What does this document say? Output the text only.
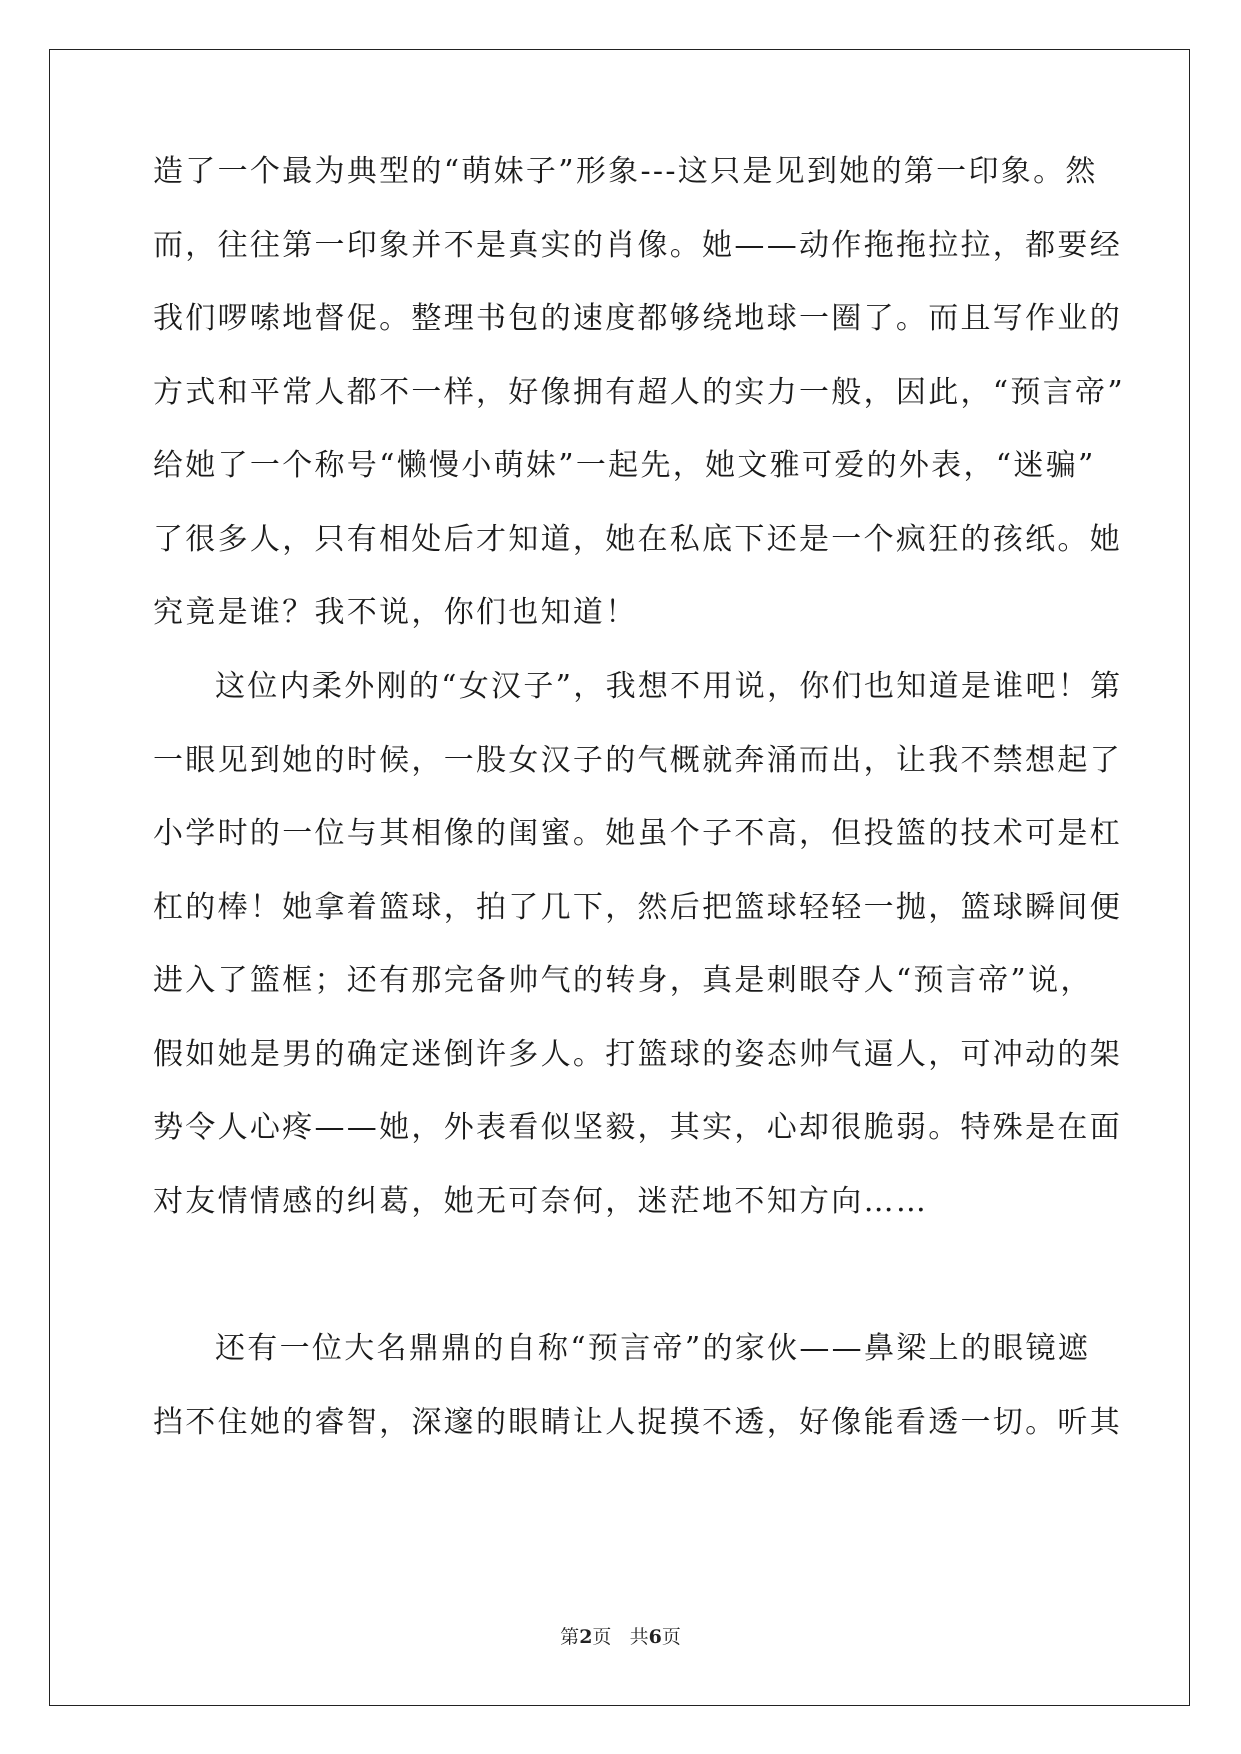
造了一个最为典型的“萌妹子”形象---这只是见到她的第一印象。然
而，往往第一印象并不是真实的肖像。她——动作拖拖拉拉，都要经
我们啰嗦地督促。整理书包的速度都够绕地球一圈了。而且写作业的
方式和平常人都不一样，好像拥有超人的实力一般，因此，“预言帝”
给她了一个称号“懒慢小萌妹”一起先，她文雅可爱的外表，“迷骗”
了很多人，只有相处后才知道，她在私底下还是一个疯狂的孩纸。她
究竟是谁？我不说，你们也知道！
这位内柔外刚的“女汉子”，我想不用说，你们也知道是谁吧！第
一眼见到她的时候，一股女汉子的气概就奔涌而出，让我不禁想起了
小学时的一位与其相像的闺蜜。她虽个子不高，但投篮的技术可是杠
杠的棒！她拿着篮球，拍了几下，然后把篮球轻轻一抛，篮球瞬间便
进入了篮框；还有那完备帅气的转身，真是刺眼夺人“预言帝”说，
假如她是男的确定迷倒许多人。打篮球的姿态帅气逼人，可冲动的架
势令人心疼——她，外表看似坚毅，其实，心却很脆弱。特殊是在面
对友情情感的纠葛，她无可奈何，迷茫地不知方向……
还有一位大名鼎鼎的自称“预言帝”的家伙——鼻梁上的眼镜遮
挡不住她的睿智，深邃的眼睛让人捉摸不透，好像能看透一切。听其
第2页 共6页
